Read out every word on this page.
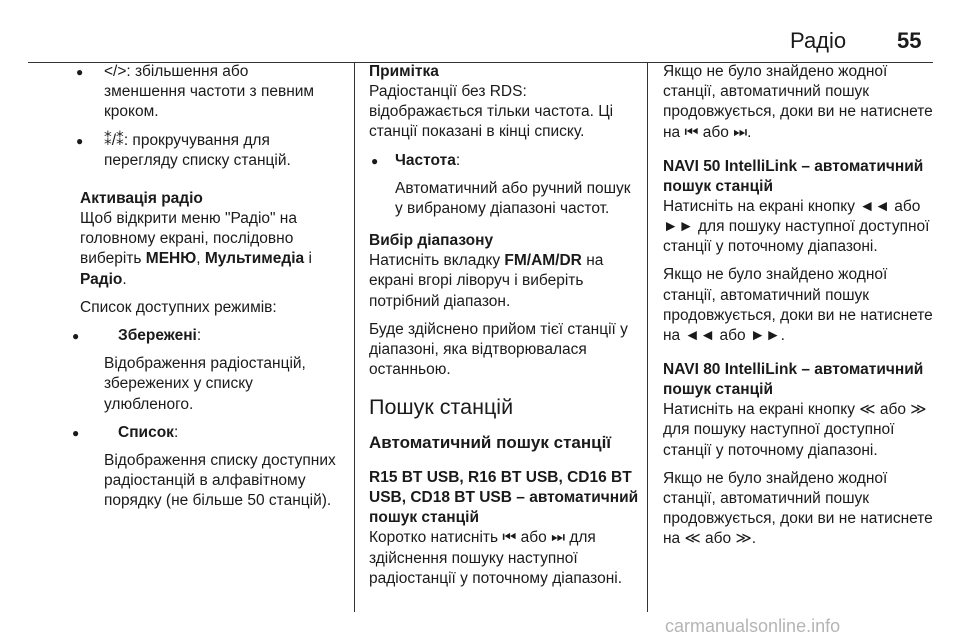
Радіо 55
● </>: збільшення або зменшення частоти з певним кроком.
● ⁑/⁑: прокручування для перегляду списку станцій.
Активація радіо

Щоб відкрити меню "Радіо" на головному екрані, послідовно виберіть МЕНЮ, Мультимедіа і Радіо.

Список доступних режимів:

● Збережені:
Відображення радіостанцій, збережених у списку улюбленого.
● Список:
Відображення списку доступних радіостанцій в алфавітному порядку (не більше 50 станцій).
Примітка

Радіостанції без RDS: відображається тільки частота. Ці станції показані в кінці списку.

● Частота:
Автоматичний або ручний пошук у вибраному діапазоні частот.
Вибір діапазону

Натисніть вкладку FM/AM/DR на екрані вгорі ліворуч і виберіть потрібний діапазон.

Буде здійснено прийом тієї станції у діапазоні, яка відтворювалася останньою.

Пошук станцій
Автоматичний пошук станції
R15 BT USB, R16 BT USB, CD16 BT USB, CD18 BT USB – автоматичний пошук станцій

Коротко натисніть ⏮ або ⏭ для здійснення пошуку наступної радіостанції у поточному діапазоні.

Якщо не було знайдено жодної станції, автоматичний пошук продовжується, доки ви не натиснете на ⏮ або ⏭.

NAVI 50 IntelliLink – автоматичний пошук станцій

Натисніть на екрані кнопку ◄◄ або ►► для пошуку наступної доступної станції у поточному діапазоні.

Якщо не було знайдено жодної станції, автоматичний пошук продовжується, доки ви не натиснете на ◄◄ або ►►.

NAVI 80 IntelliLink – автоматичний пошук станцій

Натисніть на екрані кнопку ≪ або ≫ для пошуку наступної доступної станції у поточному діапазоні.

Якщо не було знайдено жодної станції, автоматичний пошук продовжується, доки ви не натиснете на ≪ або ≫.

carmanualsonline.info
